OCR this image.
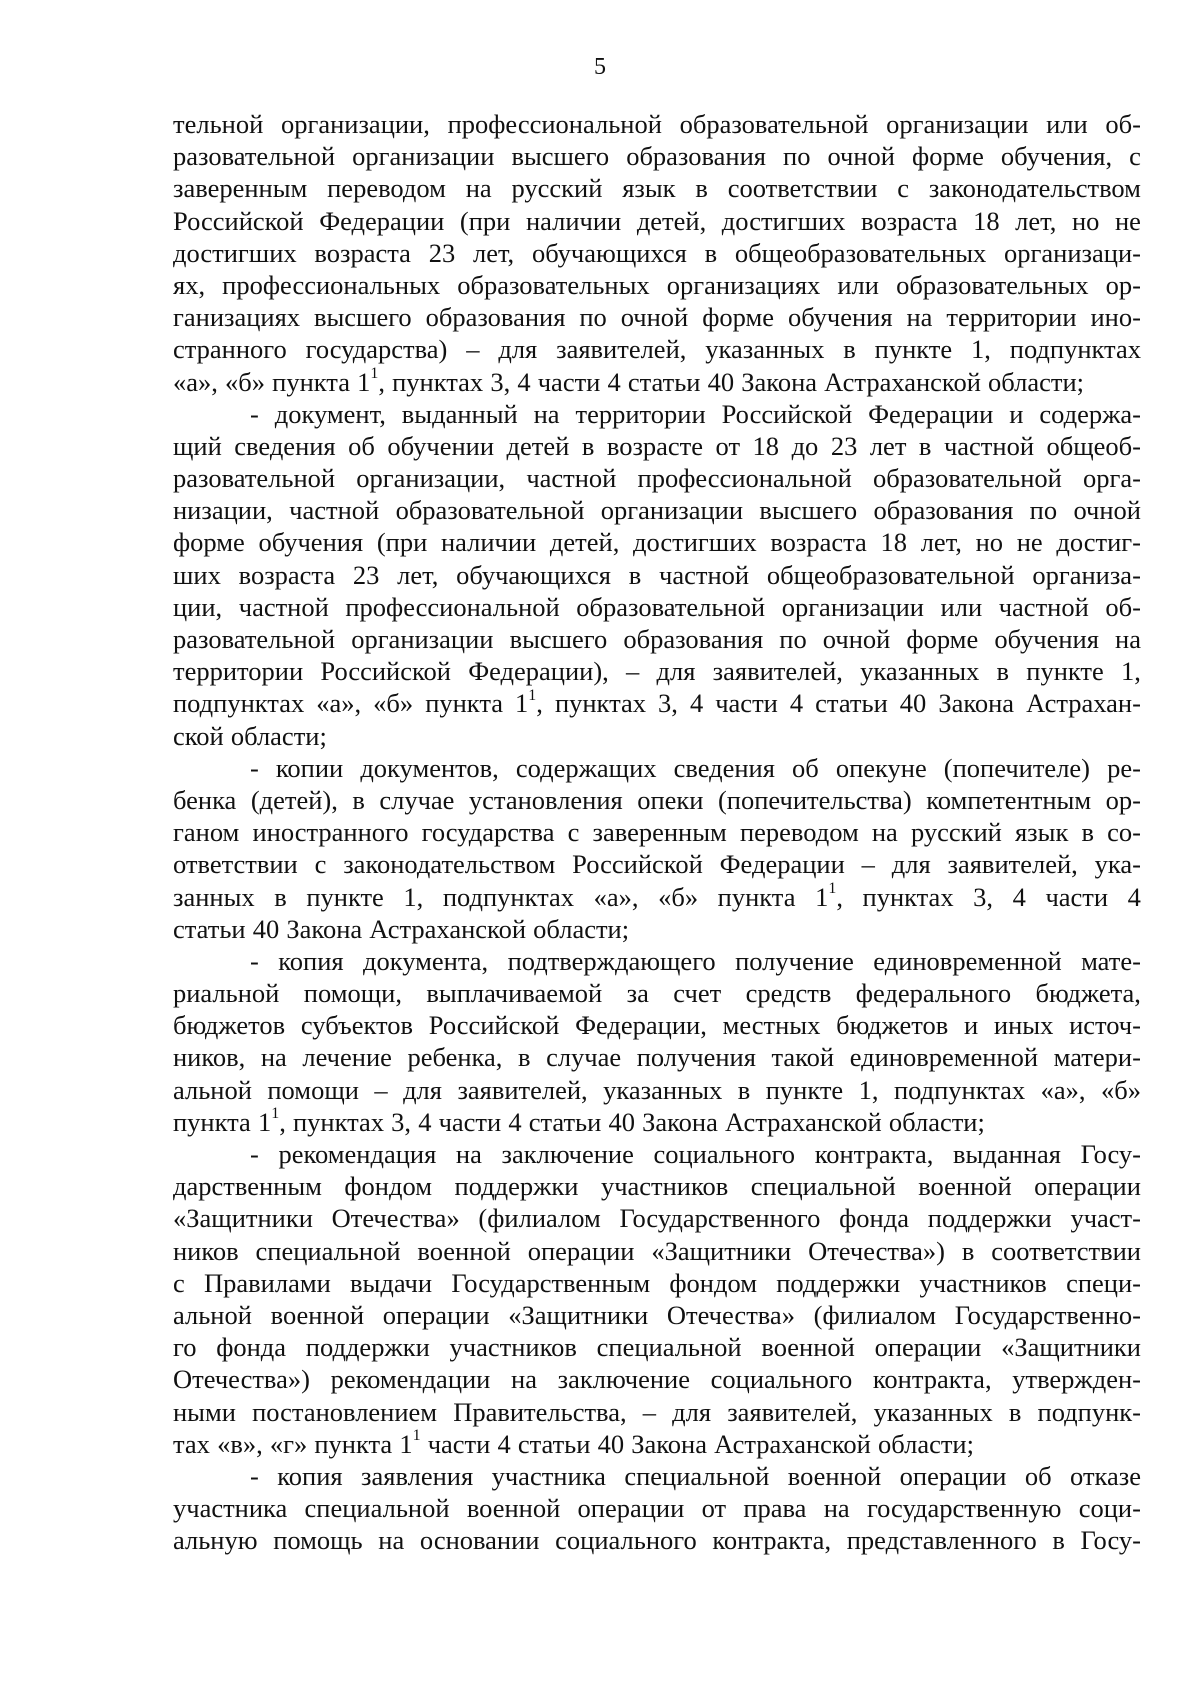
5
тельной организации, профессиональной образовательной организации или об-
разовательной организации высшего образования по очной форме обучения, с
заверенным переводом на русский язык в соответствии с законодательством
Российской Федерации (при наличии детей, достигших возраста 18 лет, но не
достигших возраста 23 лет, обучающихся в общеобразовательных организаци-
ях, профессиональных образовательных организациях или образовательных ор-
ганизациях высшего образования по очной форме обучения на территории ино-
странного государства) – для заявителей, указанных в пункте 1, подпунктах
«а», «б» пункта $1^1$, пунктах 3, 4 части 4 статьи 40 Закона Астраханской области;
- документ, выданный на территории Российской Федерации и содержа-
щий сведения об обучении детей в возрасте от 18 до 23 лет в частной общеоб-
разовательной организации, частной профессиональной образовательной орга-
низации, частной образовательной организации высшего образования по очной
форме обучения (при наличии детей, достигших возраста 18 лет, но не достиг-
ших возраста 23 лет, обучающихся в частной общеобразовательной организа-
ции, частной профессиональной образовательной организации или частной об-
разовательной организации высшего образования по очной форме обучения на
территории Российской Федерации), – для заявителей, указанных в пункте 1,
подпунктах «а», «б» пункта $1^1$, пунктах 3, 4 части 4 статьи 40 Закона Астрахан-
ской области;
- копии документов, содержащих сведения об опекуне (попечителе) ре-
бенка (детей), в случае установления опеки (попечительства) компетентным ор-
ганом иностранного государства с заверенным переводом на русский язык в со-
ответствии с законодательством Российской Федерации – для заявителей, ука-
занных в пункте 1, подпунктах «а», «б» пункта $1^1$, пунктах 3, 4 части 4
статьи 40 Закона Астраханской области;
- копия документа, подтверждающего получение единовременной мате-
риальной помощи, выплачиваемой за счет средств федерального бюджета,
бюджетов субъектов Российской Федерации, местных бюджетов и иных источ-
ников, на лечение ребенка, в случае получения такой единовременной матери-
альной помощи – для заявителей, указанных в пункте 1, подпунктах «а», «б»
пункта $1^1$, пунктах 3, 4 части 4 статьи 40 Закона Астраханской области;
- рекомендация на заключение социального контракта, выданная Госу-
дарственным фондом поддержки участников специальной военной операции
«Защитники Отечества» (филиалом Государственного фонда поддержки участ-
ников специальной военной операции «Защитники Отечества») в соответствии
с Правилами выдачи Государственным фондом поддержки участников специ-
альной военной операции «Защитники Отечества» (филиалом Государственно-
го фонда поддержки участников специальной военной операции «Защитники
Отечества») рекомендации на заключение социального контракта, утвержден-
ными постановлением Правительства, – для заявителей, указанных в подпунк-
тах «в», «г» пункта $1^1$ части 4 статьи 40 Закона Астраханской области;
- копия заявления участника специальной военной операции об отказе
участника специальной военной операции от права на государственную соци-
альную помощь на основании социального контракта, представленного в Госу-
